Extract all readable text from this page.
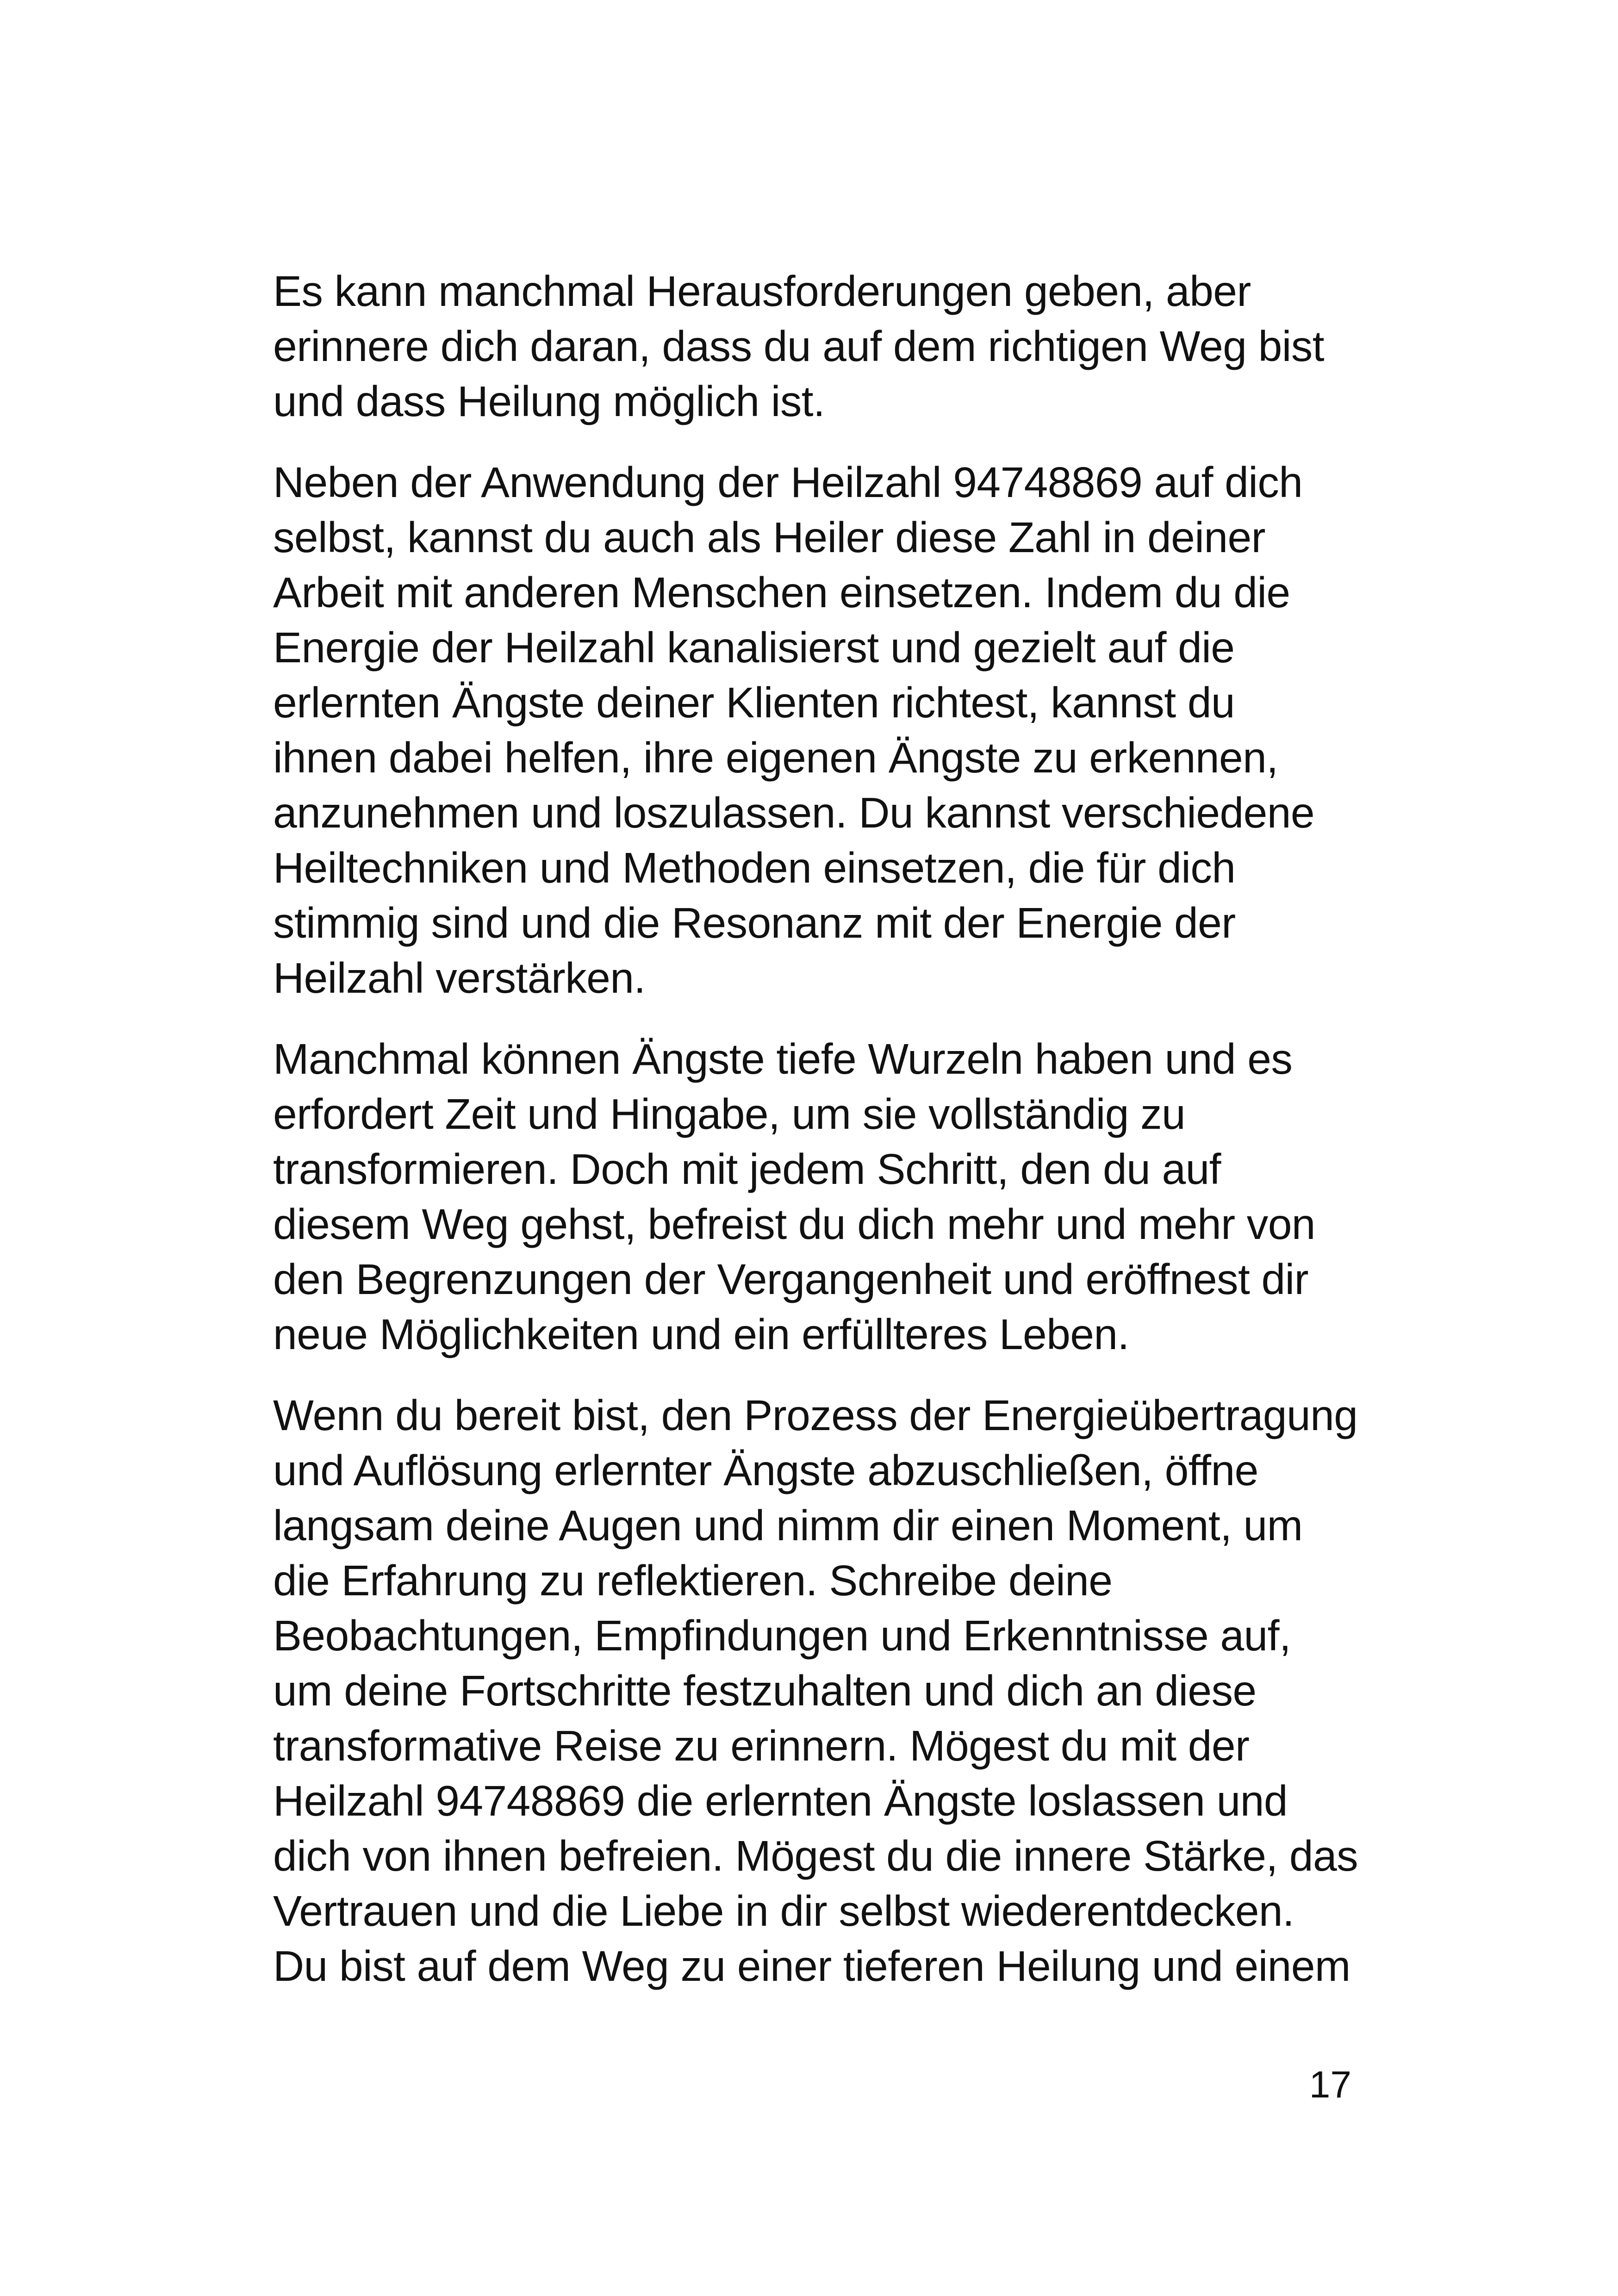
Es kann manchmal Herausforderungen geben, aber
erinnere dich daran, dass du auf dem richtigen Weg bist
und dass Heilung möglich ist.

Neben der Anwendung der Heilzahl 94748869 auf dich
selbst, kannst du auch als Heiler diese Zahl in deiner
Arbeit mit anderen Menschen einsetzen. Indem du die
Energie der Heilzahl kanalisierst und gezielt auf die
erlernten Ängste deiner Klienten richtest, kannst du
ihnen dabei helfen, ihre eigenen Ängste zu erkennen,
anzunehmen und loszulassen. Du kannst verschiedene
Heiltechniken und Methoden einsetzen, die für dich
stimmig sind und die Resonanz mit der Energie der
Heilzahl verstärken.

Manchmal können Ängste tiefe Wurzeln haben und es
erfordert Zeit und Hingabe, um sie vollständig zu
transformieren. Doch mit jedem Schritt, den du auf
diesem Weg gehst, befreist du dich mehr und mehr von
den Begrenzungen der Vergangenheit und eröffnest dir
neue Möglichkeiten und ein erfüllteres Leben.

Wenn du bereit bist, den Prozess der Energieübertragung
und Auflösung erlernter Ängste abzuschließen, öffne
langsam deine Augen und nimm dir einen Moment, um
die Erfahrung zu reflektieren. Schreibe deine
Beobachtungen, Empfindungen und Erkenntnisse auf,
um deine Fortschritte festzuhalten und dich an diese
transformative Reise zu erinnern. Mögest du mit der
Heilzahl 94748869 die erlernten Ängste loslassen und
dich von ihnen befreien. Mögest du die innere Stärke, das
Vertrauen und die Liebe in dir selbst wiederentdecken.
Du bist auf dem Weg zu einer tieferen Heilung und einem

17
